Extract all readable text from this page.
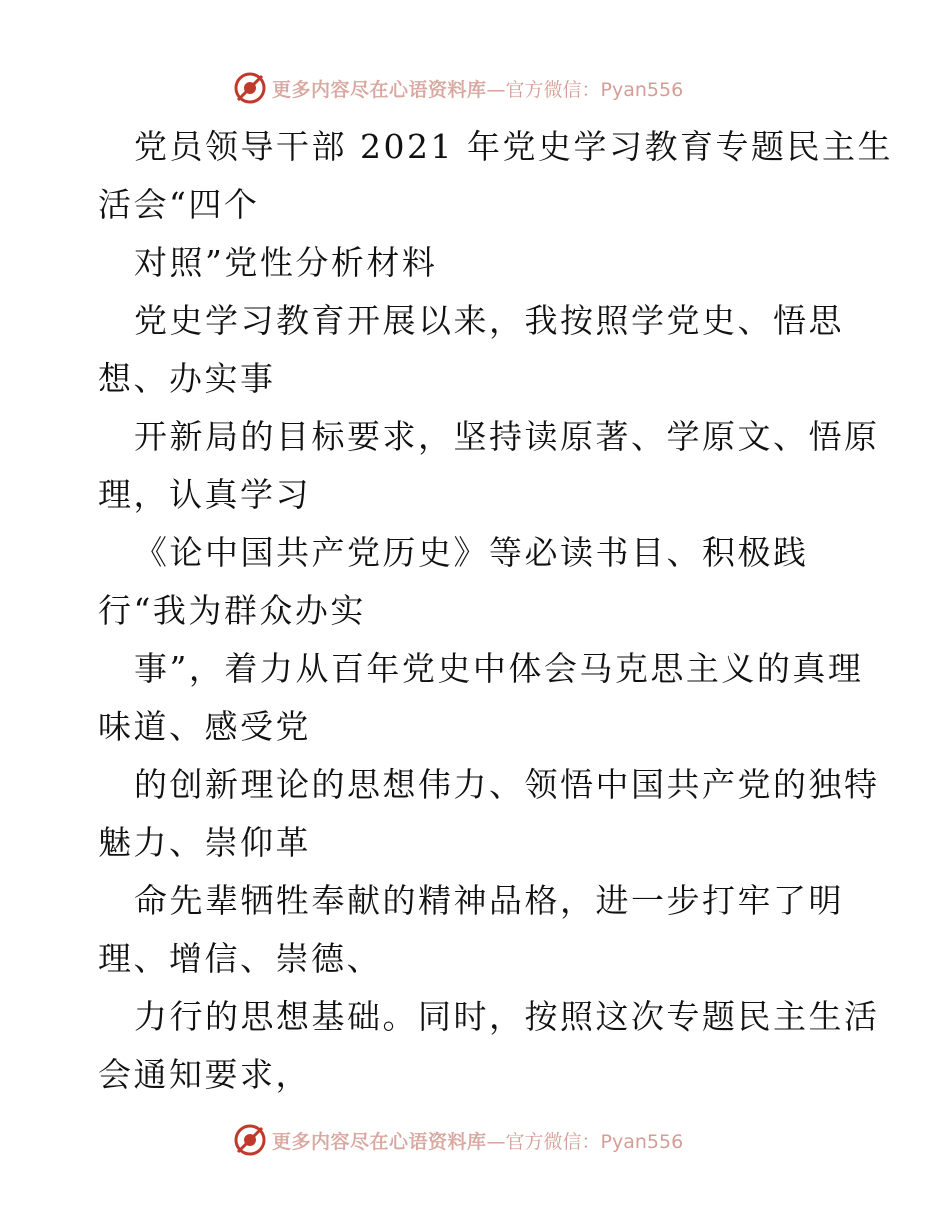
更多内容尽在心语资料库 —官方微信：Pyan556
党员领导干部 2021 年党史学习教育专题民主生
活会“四个
对照”党性分析材料
党史学习教育开展以来，我按照学党史、悟思
想、办实事
开新局的目标要求，坚持读原著、学原文、悟原
理，认真学习
《论中国共产党历史》等必读书目、积极践
行“我为群众办实
事”，着力从百年党史中体会马克思主义的真理
味道、感受党
的创新理论的思想伟力、领悟中国共产党的独特
魅力、崇仰革
命先辈牺牲奉献的精神品格，进一步打牢了明
理、增信、崇德、
力行的思想基础。同时，按照这次专题民主生活
会通知要求，
更多内容尽在心语资料库 —官方微信：Pyan556
